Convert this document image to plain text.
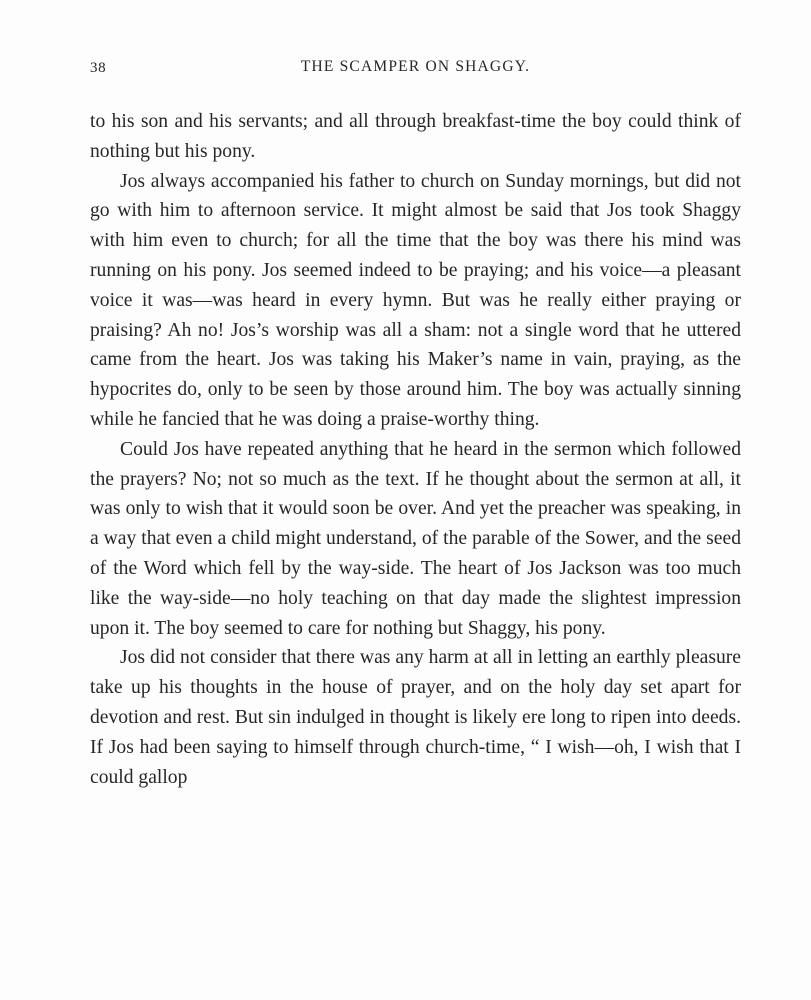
38	THE SCAMPER ON SHAGGY.

to his son and his servants; and all through breakfast-time the boy could think of nothing but his pony.

Jos always accompanied his father to church on Sunday mornings, but did not go with him to afternoon service. It might almost be said that Jos took Shaggy with him even to church; for all the time that the boy was there his mind was running on his pony. Jos seemed indeed to be praying; and his voice—a pleasant voice it was—was heard in every hymn. But was he really either praying or praising? Ah no! Jos’s worship was all a sham: not a single word that he uttered came from the heart. Jos was taking his Maker’s name in vain, praying, as the hypocrites do, only to be seen by those around him. The boy was actually sinning while he fancied that he was doing a praise-worthy thing.

Could Jos have repeated anything that he heard in the sermon which followed the prayers? No; not so much as the text. If he thought about the sermon at all, it was only to wish that it would soon be over. And yet the preacher was speaking, in a way that even a child might understand, of the parable of the Sower, and the seed of the Word which fell by the way-side. The heart of Jos Jackson was too much like the way-side—no holy teaching on that day made the slightest impression upon it. The boy seemed to care for nothing but Shaggy, his pony.

Jos did not consider that there was any harm at all in letting an earthly pleasure take up his thoughts in the house of prayer, and on the holy day set apart for devotion and rest. But sin indulged in thought is likely ere long to ripen into deeds. If Jos had been saying to himself through church-time, “ I wish—oh, I wish that I could gallop
